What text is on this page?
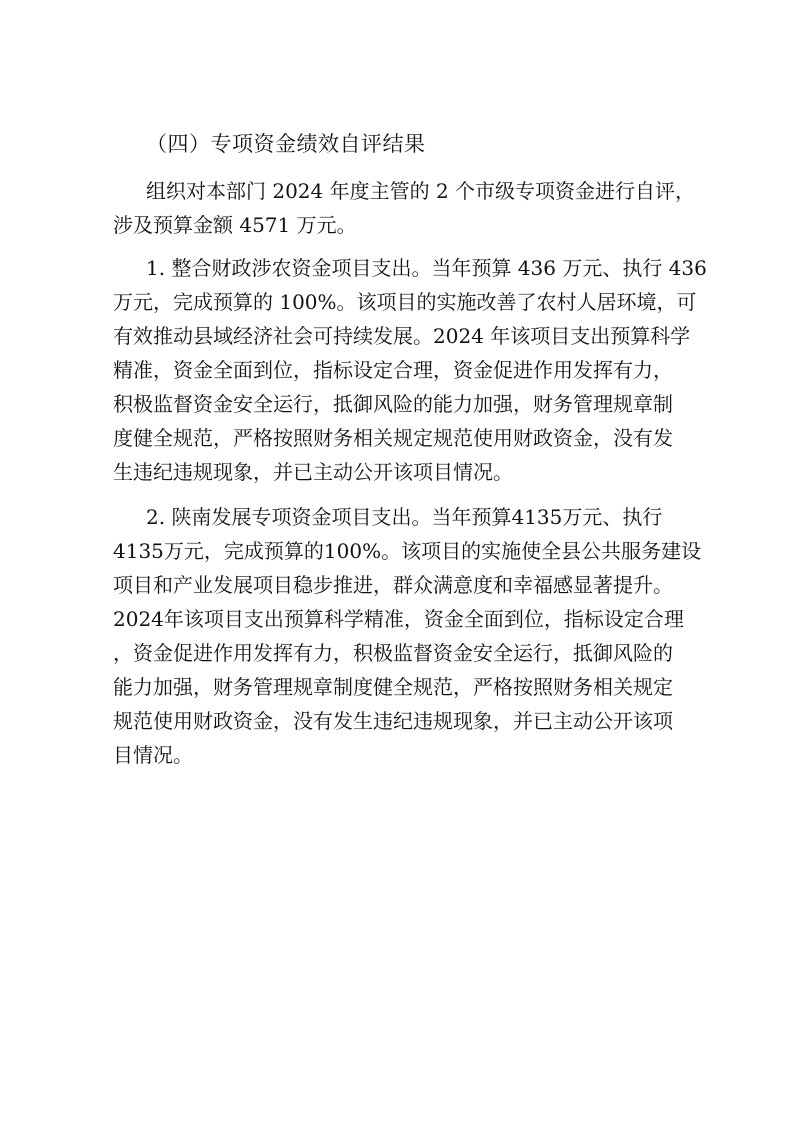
（四）专项资金绩效自评结果
组织对本部门 2024 年度主管的 2 个市级专项资金进行自评，
涉及预算金额 4571 万元。
1. 整合财政涉农资金项目支出。当年预算 436 万元、执行 436
万元，完成预算的 100%。该项目的实施改善了农村人居环境，可
有效推动县域经济社会可持续发展。2024 年该项目支出预算科学
精准，资金全面到位，指标设定合理，资金促进作用发挥有力，
积极监督资金安全运行，抵御风险的能力加强，财务管理规章制
度健全规范，严格按照财务相关规定规范使用财政资金，没有发
生违纪违规现象，并已主动公开该项目情况。
2. 陕南发展专项资金项目支出。当年预算4135万元、执行
4135万元，完成预算的100%。该项目的实施使全县公共服务建设
项目和产业发展项目稳步推进，群众满意度和幸福感显著提升。
2024年该项目支出预算科学精准，资金全面到位，指标设定合理
，资金促进作用发挥有力，积极监督资金安全运行，抵御风险的
能力加强，财务管理规章制度健全规范，严格按照财务相关规定
规范使用财政资金，没有发生违纪违规现象，并已主动公开该项
目情况。
